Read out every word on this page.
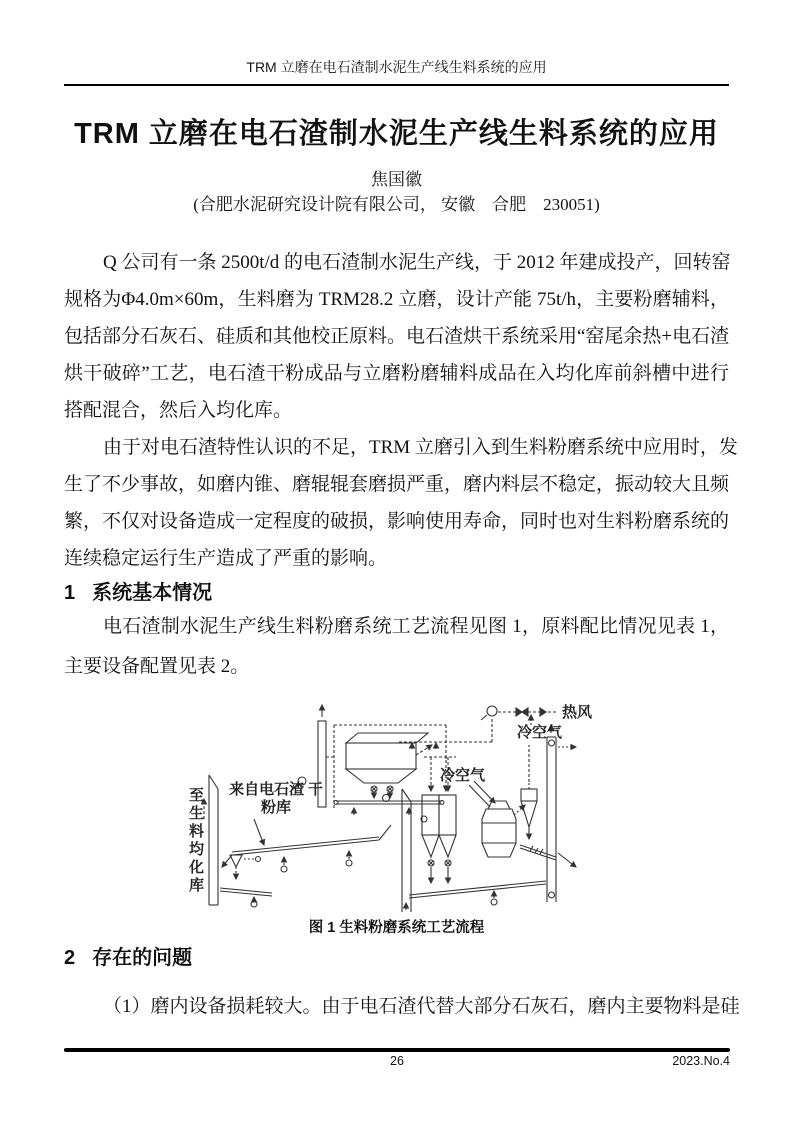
TRM 立磨在电石渣制水泥生产线生料系统的应用
TRM 立磨在电石渣制水泥生产线生料系统的应用
焦国徽
(合肥水泥研究设计院有限公司， 安徽　合肥　230051)
Q 公司有一条 2500t/d 的电石渣制水泥生产线，于 2012 年建成投产，回转窑
规格为Φ4.0m×60m，生料磨为 TRM28.2 立磨，设计产能 75t/h，主要粉磨辅料，
包括部分石灰石、硅质和其他校正原料。电石渣烘干系统采用“窑尾余热+电石渣
烘干破碎”工艺，电石渣干粉成品与立磨粉磨辅料成品在入均化库前斜槽中进行
搭配混合，然后入均化库。
由于对电石渣特性认识的不足，TRM 立磨引入到生料粉磨系统中应用时，发
生了不少事故，如磨内锥、磨辊辊套磨损严重，磨内料层不稳定，振动较大且频
繁，不仅对设备造成一定程度的破损，影响使用寿命，同时也对生料粉磨系统的
连续稳定运行生产造成了严重的影响。
1 系统基本情况
电石渣制水泥生产线生料粉磨系统工艺流程见图 1，原料配比情况见表 1，
主要设备配置见表 2。
热风
冷空气
冷空气
来自电石渣 干粉库
至生料均化库
图 1 生料粉磨系统工艺流程
2 存在的问题
（1）磨内设备损耗较大。由于电石渣代替大部分石灰石，磨内主要物料是硅
26	2023.No.4
